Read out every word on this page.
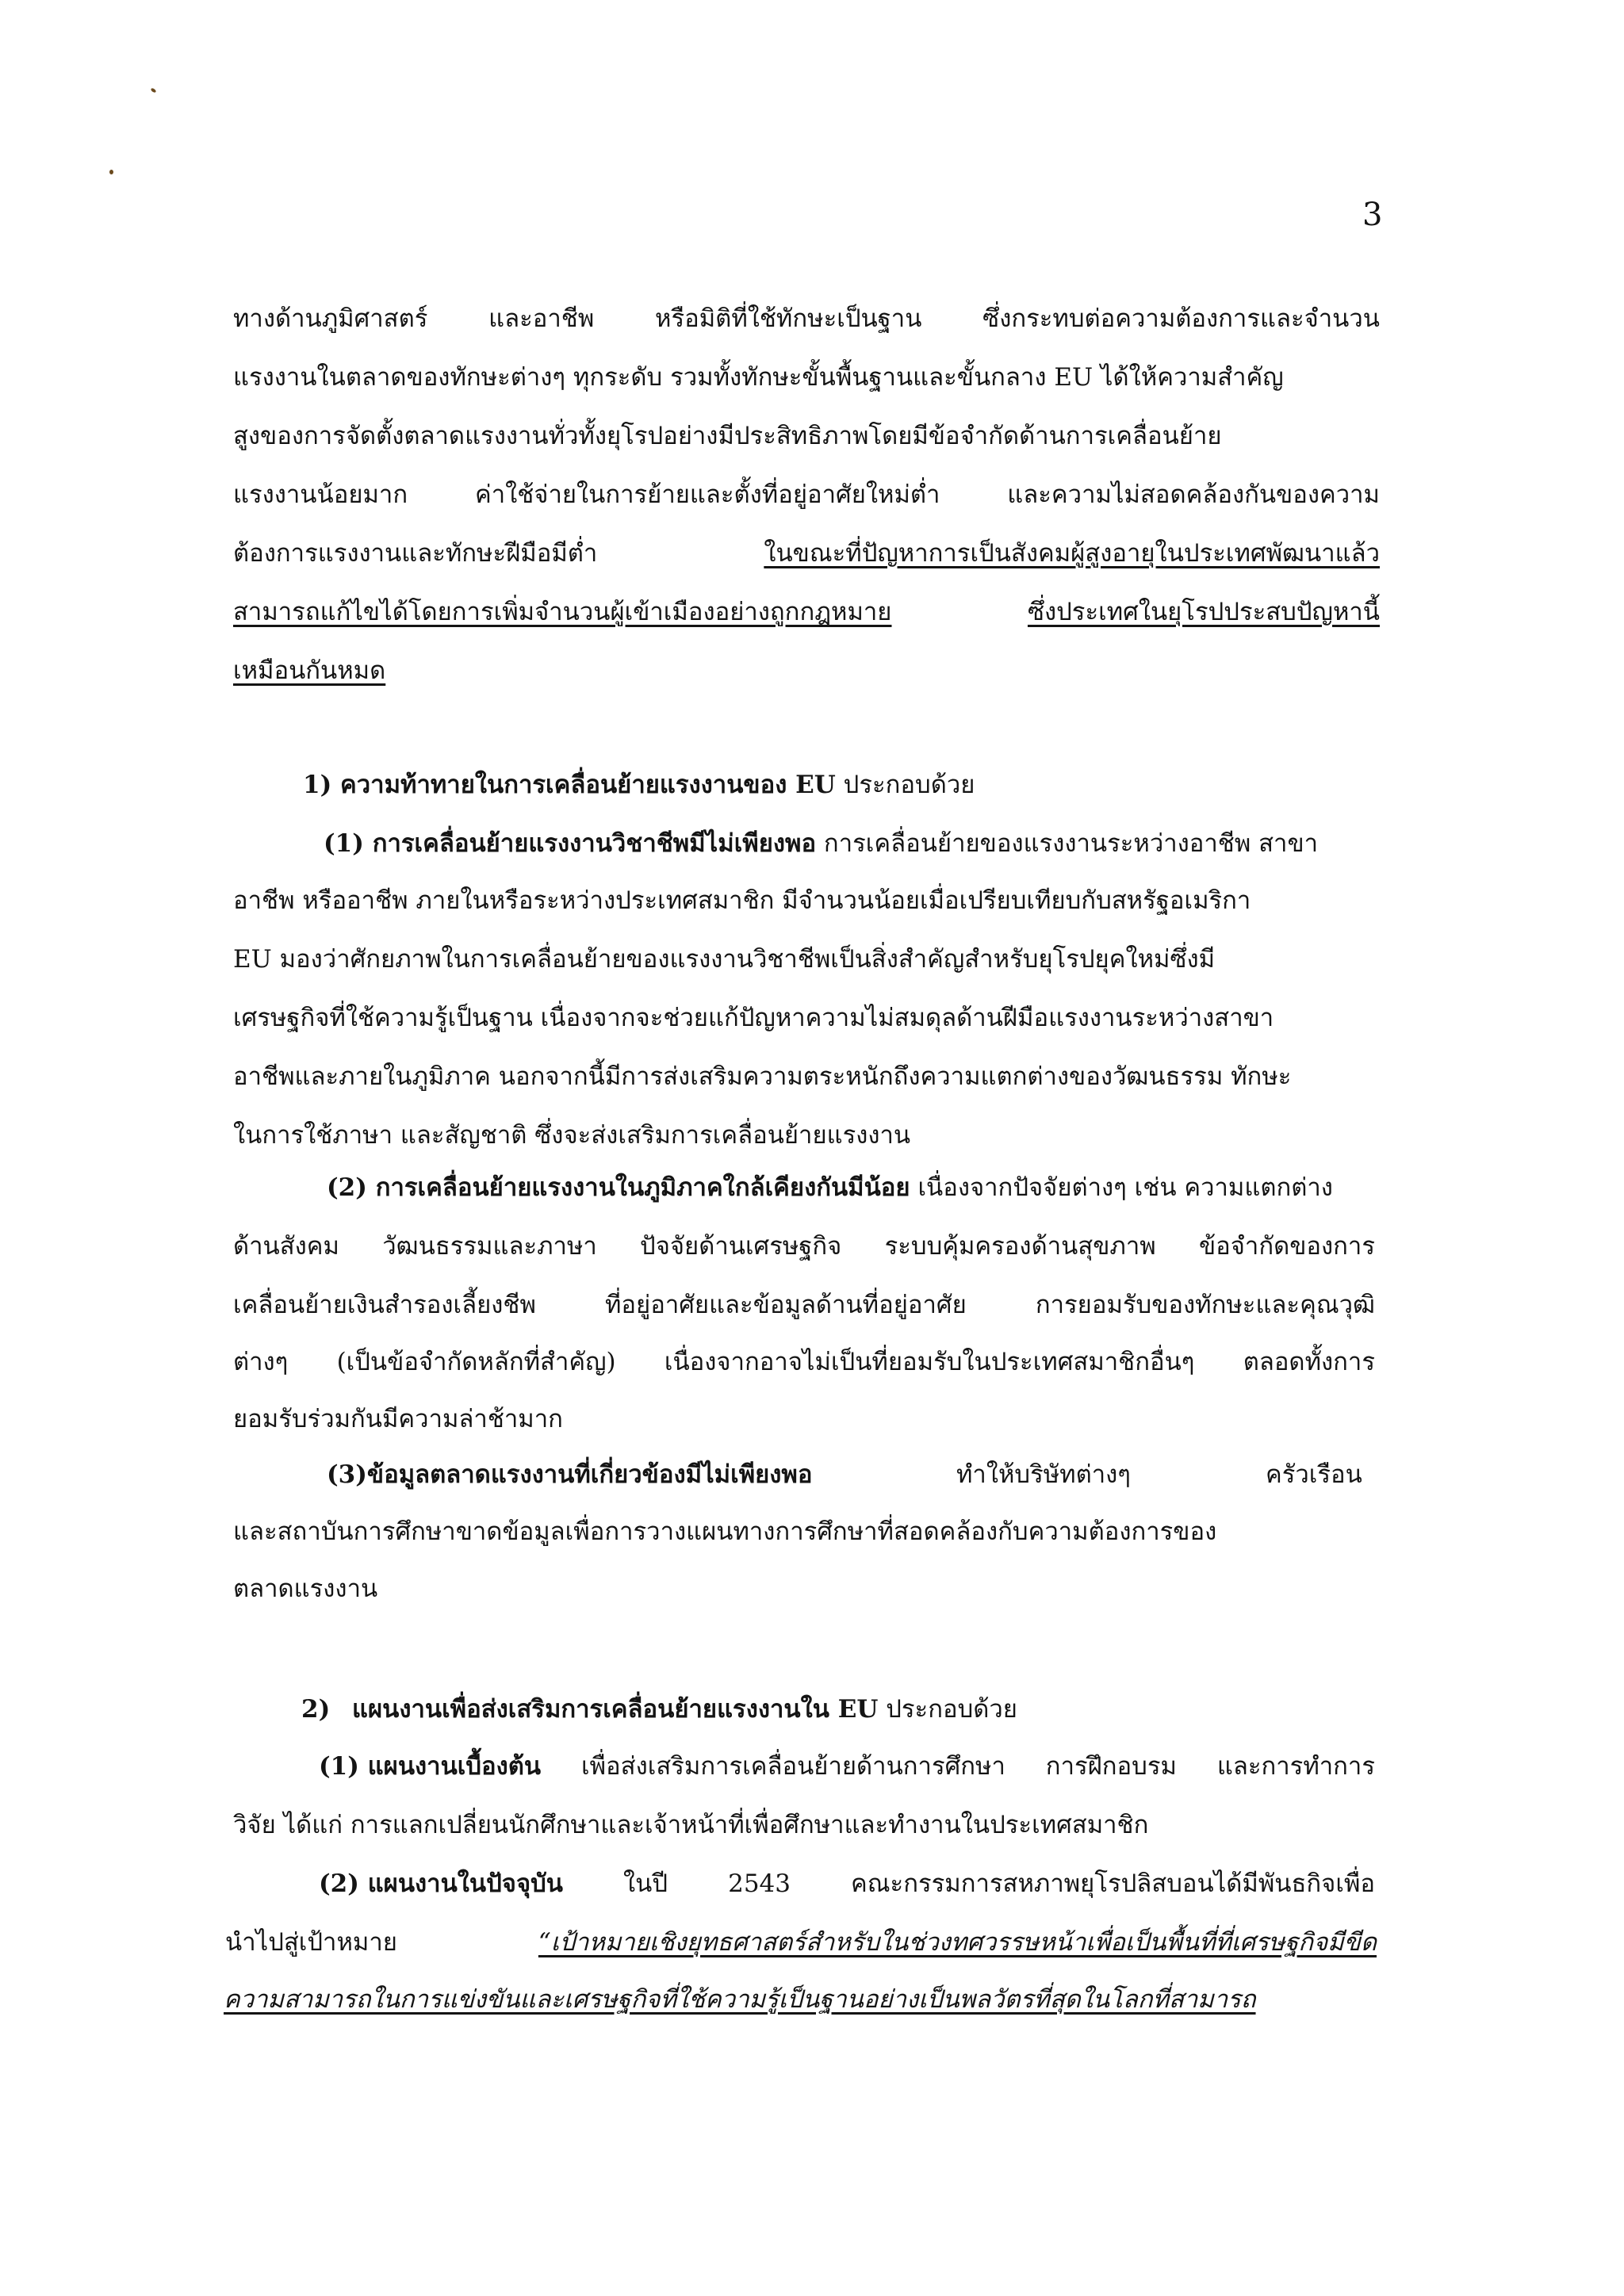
3
ทางด้านภูมิศาสตร์ และอาชีพ หรือมิติที่ใช้ทักษะเป็นฐาน ซึ่งกระทบต่อความต้องการและจำนวน
แรงงานในตลาดของทักษะต่างๆ ทุกระดับ รวมทั้งทักษะขั้นพื้นฐานและขั้นกลาง EU ได้ให้ความสำคัญ
สูงของการจัดตั้งตลาดแรงงานทั่วทั้งยุโรปอย่างมีประสิทธิภาพโดยมีข้อจำกัดด้านการเคลื่อนย้าย
แรงงานน้อยมาก	ค่าใช้จ่ายในการย้ายและตั้งที่อยู่อาศัยใหม่ต่ำ	และความไม่สอดคล้องกันของความ
ต้องการแรงงานและทักษะฝีมือมีต่ำ	ในขณะที่ปัญหาการเป็นสังคมผู้สูงอายุในประเทศพัฒนาแล้ว
สามารถแก้ไขได้โดยการเพิ่มจำนวนผู้เข้าเมืองอย่างถูกกฎหมาย	ซึ่งประเทศในยุโรปประสบปัญหานี้
เหมือนกันหมด
1) ความท้าทายในการเคลื่อนย้ายแรงงานของ EU ประกอบด้วย
(1) การเคลื่อนย้ายแรงงานวิชาชีพมีไม่เพียงพอ การเคลื่อนย้ายของแรงงานระหว่างอาชีพ สาขา
อาชีพ หรืออาชีพ ภายในหรือระหว่างประเทศสมาชิก มีจำนวนน้อยเมื่อเปรียบเทียบกับสหรัฐอเมริกา
EU มองว่าศักยภาพในการเคลื่อนย้ายของแรงงานวิชาชีพเป็นสิ่งสำคัญสำหรับยุโรปยุคใหม่ซึ่งมี
เศรษฐกิจที่ใช้ความรู้เป็นฐาน เนื่องจากจะช่วยแก้ปัญหาความไม่สมดุลด้านฝีมือแรงงานระหว่างสาขา
อาชีพและภายในภูมิภาค นอกจากนี้มีการส่งเสริมความตระหนักถึงความแตกต่างของวัฒนธรรม ทักษะ
ในการใช้ภาษา และสัญชาติ ซึ่งจะส่งเสริมการเคลื่อนย้ายแรงงาน
(2) การเคลื่อนย้ายแรงงานในภูมิภาคใกล้เคียงกันมีน้อย เนื่องจากปัจจัยต่างๆ เช่น ความแตกต่าง
ด้านสังคม วัฒนธรรมและภาษา ปัจจัยด้านเศรษฐกิจ ระบบคุ้มครองด้านสุขภาพ ข้อจำกัดของการ
เคลื่อนย้ายเงินสำรองเลี้ยงชีพ	ที่อยู่อาศัยและข้อมูลด้านที่อยู่อาศัย	การยอมรับของทักษะและคุณวุฒิ
ต่างๆ (เป็นข้อจำกัดหลักที่สำคัญ) เนื่องจากอาจไม่เป็นที่ยอมรับในประเทศสมาชิกอื่นๆ ตลอดทั้งการ
ยอมรับร่วมกันมีความล่าช้ามาก
(3)ข้อมูลตลาดแรงงานที่เกี่ยวข้องมีไม่เพียงพอ	ทำให้บริษัทต่างๆ	ครัวเรือน
และสถาบันการศึกษาขาดข้อมูลเพื่อการวางแผนทางการศึกษาที่สอดคล้องกับความต้องการของ
ตลาดแรงงาน
2) แผนงานเพื่อส่งเสริมการเคลื่อนย้ายแรงงานใน EU ประกอบด้วย
(1) แผนงานเบื้องต้น เพื่อส่งเสริมการเคลื่อนย้ายด้านการศึกษา การฝึกอบรม และการทำการ
วิจัย ได้แก่ การแลกเปลี่ยนนักศึกษาและเจ้าหน้าที่เพื่อศึกษาและทำงานในประเทศสมาชิก
(2) แผนงานในปัจจุบัน ในปี 2543 คณะกรรมการสหภาพยุโรปลิสบอนได้มีพันธกิจเพื่อ
นำไปสู่เป้าหมาย	“เป้าหมายเชิงยุทธศาสตร์สำหรับในช่วงทศวรรษหน้าเพื่อเป็นพื้นที่ที่เศรษฐกิจมีขีด
ความสามารถในการแข่งขันและเศรษฐกิจที่ใช้ความรู้เป็นฐานอย่างเป็นพลวัตรที่สุดในโลกที่สามารถ
